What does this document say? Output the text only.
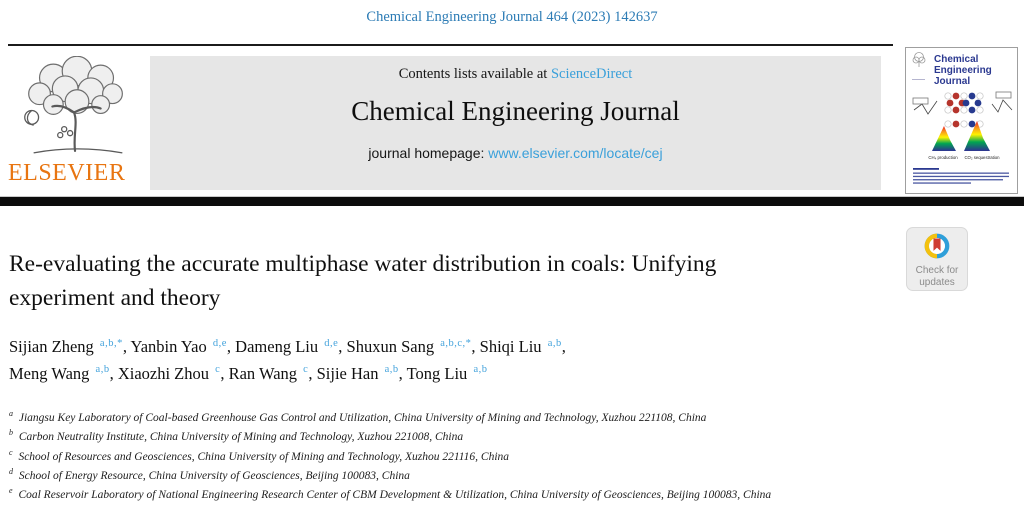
Chemical Engineering Journal 464 (2023) 142637
ELSEVIER
Contents lists available at ScienceDirect
Chemical Engineering Journal
journal homepage: www.elsevier.com/locate/cej
Chemical
Engineering
Journal
CH₄ production CO₂ sequestration
Check for
updates
Re-evaluating the accurate multiphase water distribution in coals: Unifying
experiment and theory
Sijian Zheng $^{a,b,*}$, Yanbin Yao $^{d,e}$, Dameng Liu $^{d,e}$, Shuxun Sang $^{a,b,c,*}$, Shiqi Liu $^{a,b}$,
Meng Wang $^{a,b}$, Xiaozhi Zhou $^c$, Ran Wang $^c$, Sijie Han $^{a,b}$, Tong Liu $^{a,b}$
$^a$ Jiangsu Key Laboratory of Coal-based Greenhouse Gas Control and Utilization, China University of Mining and Technology, Xuzhou 221108, China
$^b$ Carbon Neutrality Institute, China University of Mining and Technology, Xuzhou 221008, China
$^c$ School of Resources and Geosciences, China University of Mining and Technology, Xuzhou 221116, China
$^d$ School of Energy Resource, China University of Geosciences, Beijing 100083, China
$^e$ Coal Reservoir Laboratory of National Engineering Research Center of CBM Development & Utilization, China University of Geosciences, Beijing 100083, China
